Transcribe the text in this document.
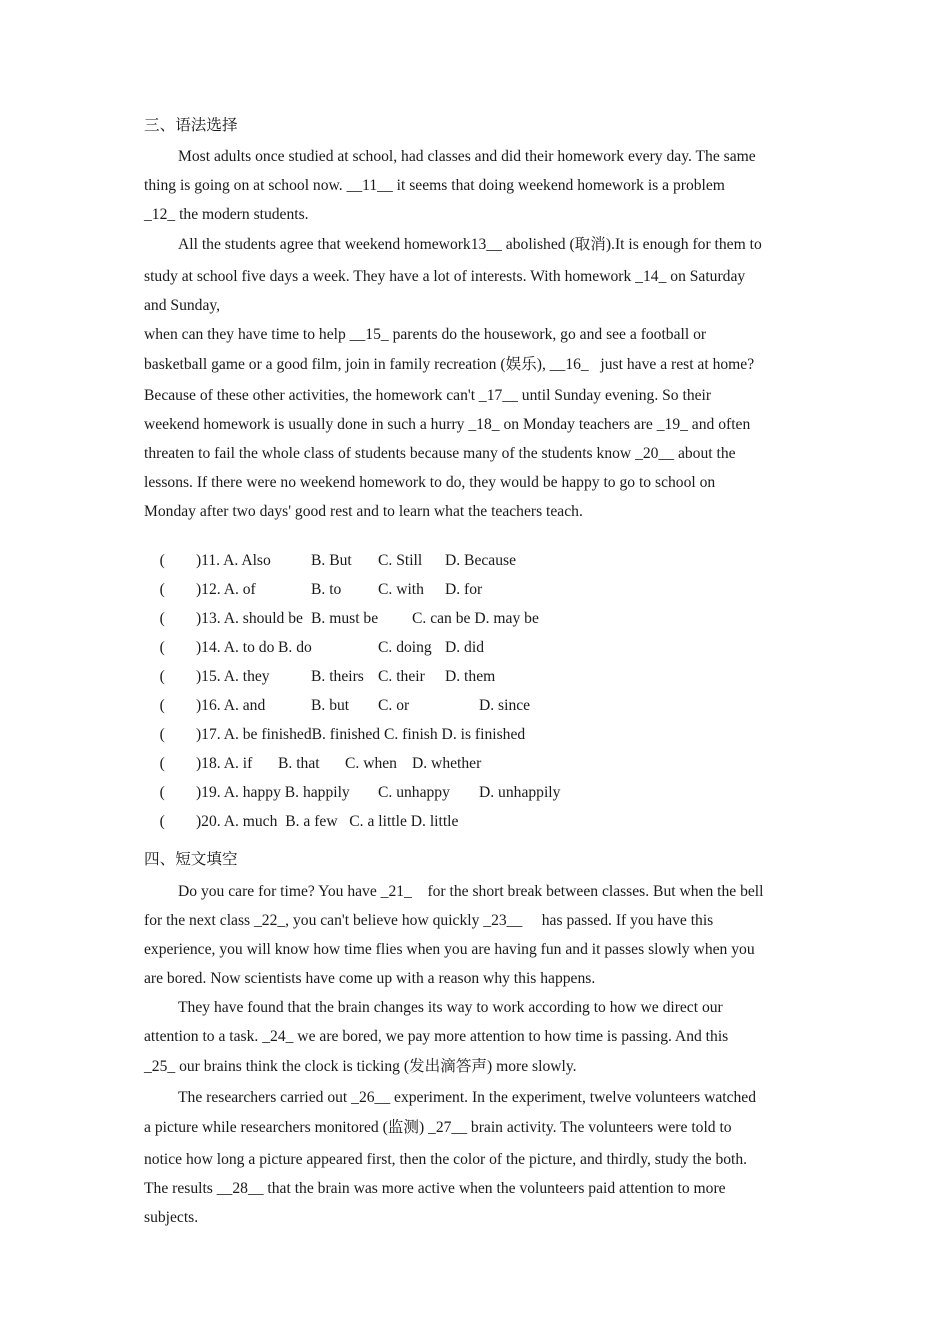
三、语法选择
Most adults once studied at school, had classes and did their homework every day. The same
thing is going on at school now. __11__ it seems that doing weekend homework is a problem
_12_ the modern students.
All the students agree that weekend homework13__ abolished (取消).It is enough for them to
study at school five days a week. They have a lot of interests. With homework _14_ on Saturday
and Sunday,
when can they have time to help __15_ parents do the housework, go and see a football or
basketball game or a good film, join in family recreation (娱乐), __16_   just have a rest at home?
Because of these other activities, the homework can't _17__ until Sunday evening. So their
weekend homework is usually done in such a hurry _18_ on Monday teachers are _19_ and often
threaten to fail the whole class of students because many of the students know _20__ about the
lessons. If there were no weekend homework to do, they would be happy to go to school on
Monday after two days' good rest and to learn what the teachers teach.

(        )11. A. Also	B. But C. Still D. Because

(        )12. A. of	B. to C. with D. for

(        )13. A. should be B. must be C. can be D. may be

(        )14. A. to do B. do	C. doing D. did

(        )15. A. they	B. theirs C. their D. them

(        )16. A. and	B. but C. or	D. since

(        )17. A. be finishedB. finished C. finish D. is finished

(        )18. A. if B. that C. when D. whether

(        )19. A. happy B. happily C. unhappy D. unhappily

(        )20. A. much  B. a few   C. a little D. little

四、短文填空
Do you care for time? You have _21_    for the short break between classes. But when the bell
for the next class _22_, you can't believe how quickly _23__     has passed. If you have this
experience, you will know how time flies when you are having fun and it passes slowly when you
are bored. Now scientists have come up with a reason why this happens.
They have found that the brain changes its way to work according to how we direct our
attention to a task. _24_ we are bored, we pay more attention to how time is passing. And this
_25_ our brains think the clock is ticking (发出滴答声) more slowly.
The researchers carried out _26__ experiment. In the experiment, twelve volunteers watched
a picture while researchers monitored (监测) _27__ brain activity. The volunteers were told to
notice how long a picture appeared first, then the color of the picture, and thirdly, study the both.
The results __28__ that the brain was more active when the volunteers paid attention to more
subjects.
